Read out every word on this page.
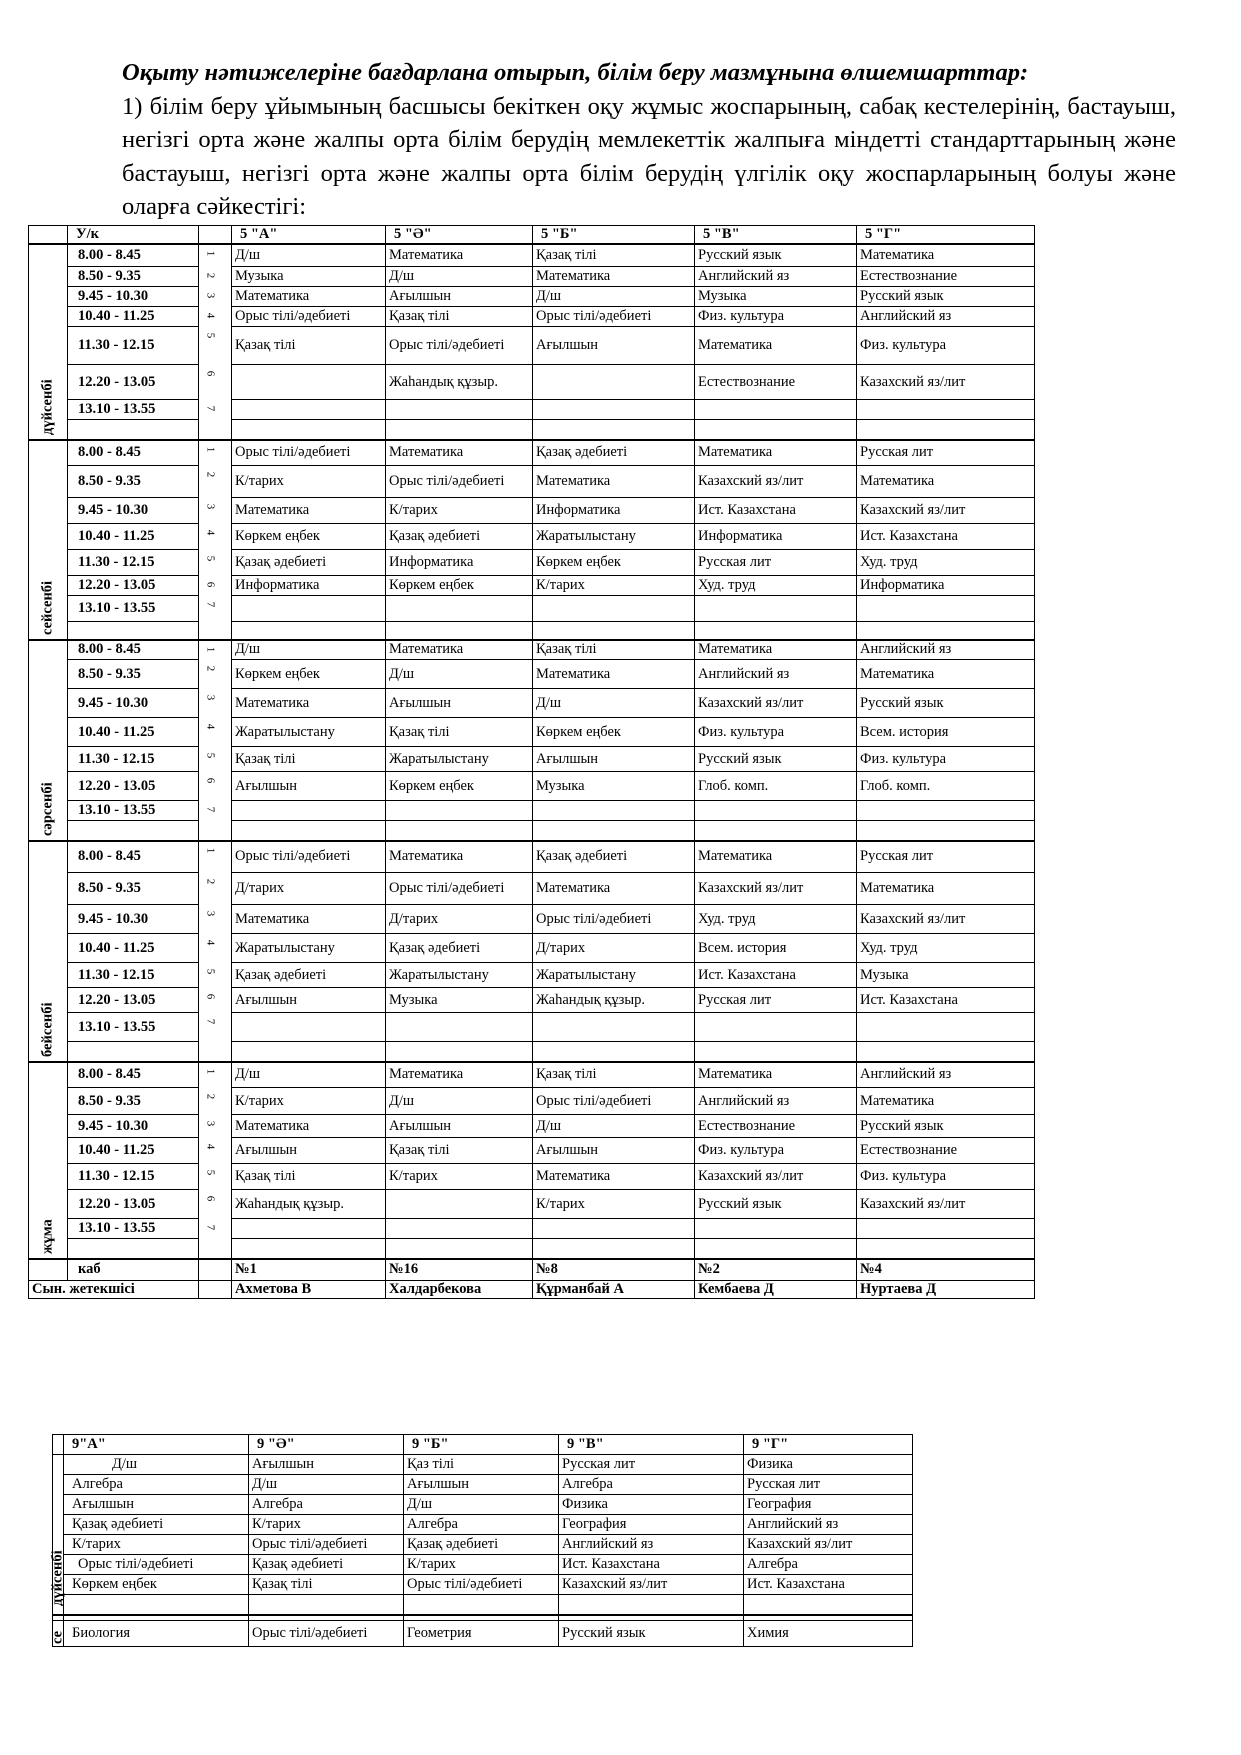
Оқыту нәтижелеріне бағдарлана отырып, білім беру мазмұнына өлшемшарттар:
1) білім беру ұйымының басшысы бекіткен оқу жұмыс жоспарының, сабақ кестелерінің, бастауыш, негізгі орта және жалпы орта білім берудің мемлекеттік жалпыға міндетті стандарттарының және бастауыш, негізгі орта және жалпы орта білім берудің үлгілік оқу жоспарларының болуы және оларға сәйкестігі:
	У/к		5 "А"	5 "Ә"	5 "Б"	5 "В"	5 "Г"

дүйсенбі	8.00 - 8.45	1	Д/ш	Математика	Қазақ тілі	Русский язык	Математика
	8.50 - 9.35	2	Музыка	Д/ш	Математика	Английский яз	Естествознание
	9.45 - 10.30	3	Математика	Ағылшын	Д/ш	Музыка	Русский язык
	10.40 - 11.25	4	Орыс тілі/әдебиеті	Қазақ тілі	Орыс тілі/әдебиеті	Физ. культура	Английский яз
	11.30 - 12.15	5	Қазақ тілі	Орыс тілі/әдебиеті	Ағылшын	Математика	Физ. культура
	12.20 - 13.05	6		Жаһандық құзыр.		Естествознание	Казахский яз/лит
	13.10 - 13.55	7					

сейсенбі	8.00 - 8.45	1	Орыс тілі/әдебиеті	Математика	Қазақ әдебиеті	Математика	Русская лит
	8.50 - 9.35	2	К/тарих	Орыс тілі/әдебиеті	Математика	Казахский яз/лит	Математика
	9.45 - 10.30	3	Математика	К/тарих	Информатика	Ист. Казахстана	Казахский яз/лит
	10.40 - 11.25	4	Көркем еңбек	Қазақ әдебиеті	Жаратылыстану	Информатика	Ист. Казахстана
	11.30 - 12.15	5	Қазақ әдебиеті	Информатика	Көркем еңбек	Русская лит	Худ. труд
	12.20 - 13.05	6	Информатика	Көркем еңбек	К/тарих	Худ. труд	Информатика
	13.10 - 13.55	7					

сәрсенбі	8.00 - 8.45	1	Д/ш	Математика	Қазақ тілі	Математика	Английский яз
	8.50 - 9.35	2	Көркем еңбек	Д/ш	Математика	Английский яз	Математика
	9.45 - 10.30	3	Математика	Ағылшын	Д/ш	Казахский яз/лит	Русский язык
	10.40 - 11.25	4	Жаратылыстану	Қазақ тілі	Көркем еңбек	Физ. культура	Всем. история
	11.30 - 12.15	5	Қазақ тілі	Жаратылыстану	Ағылшын	Русский язык	Физ. культура
	12.20 - 13.05	6	Ағылшын	Көркем еңбек	Музыка	Глоб. комп.	Глоб. комп.
	13.10 - 13.55	7					

бейсенбі	8.00 - 8.45	1	Орыс тілі/әдебиеті	Математика	Қазақ әдебиеті	Математика	Русская лит
	8.50 - 9.35	2	Д/тарих	Орыс тілі/әдебиеті	Математика	Казахский яз/лит	Математика
	9.45 - 10.30	3	Математика	Д/тарих	Орыс тілі/әдебиеті	Худ. труд	Казахский яз/лит
	10.40 - 11.25	4	Жаратылыстану	Қазақ әдебиеті	Д/тарих	Всем. история	Худ. труд
	11.30 - 12.15	5	Қазақ әдебиеті	Жаратылыстану	Жаратылыстану	Ист. Казахстана	Музыка
	12.20 - 13.05	6	Ағылшын	Музыка	Жаһандық құзыр.	Русская лит	Ист. Казахстана
	13.10 - 13.55	7					

жұма	8.00 - 8.45	1	Д/ш	Математика	Қазақ тілі	Математика	Английский яз
	8.50 - 9.35	2	К/тарих	Д/ш	Орыс тілі/әдебиеті	Английский яз	Математика
	9.45 - 10.30	3	Математика	Ағылшын	Д/ш	Естествознание	Русский язык
	10.40 - 11.25	4	Ағылшын	Қазақ тілі	Ағылшын	Физ. культура	Естествознание
	11.30 - 12.15	5	Қазақ тілі	К/тарих	Математика	Казахский яз/лит	Физ. культура
	12.20 - 13.05	6	Жаһандық құзыр.		К/тарих	Русский язык	Казахский яз/лит
	13.10 - 13.55	7					

	каб		№1	№16	№8	№2	№4
Сын. жетекшісі			Ахметова В	Халдарбекова	Құрманбай А	Кембаева Д	Нуртаева Д
	9"А"	9 "Ә"	9 "Б"	9 "В"	9 "Г"

дүйсенбі	Д/ш	Ағылшын	Қаз тілі	Русская лит	Физика
	Алгебра	Д/ш	Ағылшын	Алгебра	Русская лит
	Ағылшын	Алгебра	Д/ш	Физика	География
	Қазақ әдебиеті	К/тарих	Алгебра	География	Английский яз
	К/тарих	Орыс тілі/әдебиеті	Қазақ әдебиеті	Английский яз	Казахский яз/лит
	Орыс тілі/әдебиеті	Қазақ әдебиеті	К/тарих	Ист. Казахстана	Алгебра
	Көркем еңбек	Қазақ тілі	Орыс тілі/әдебиеті	Казахский яз/лит	Ист. Казахстана

се	Биология	Орыс тілі/әдебиеті	Геометрия	Русский язык	Химия
